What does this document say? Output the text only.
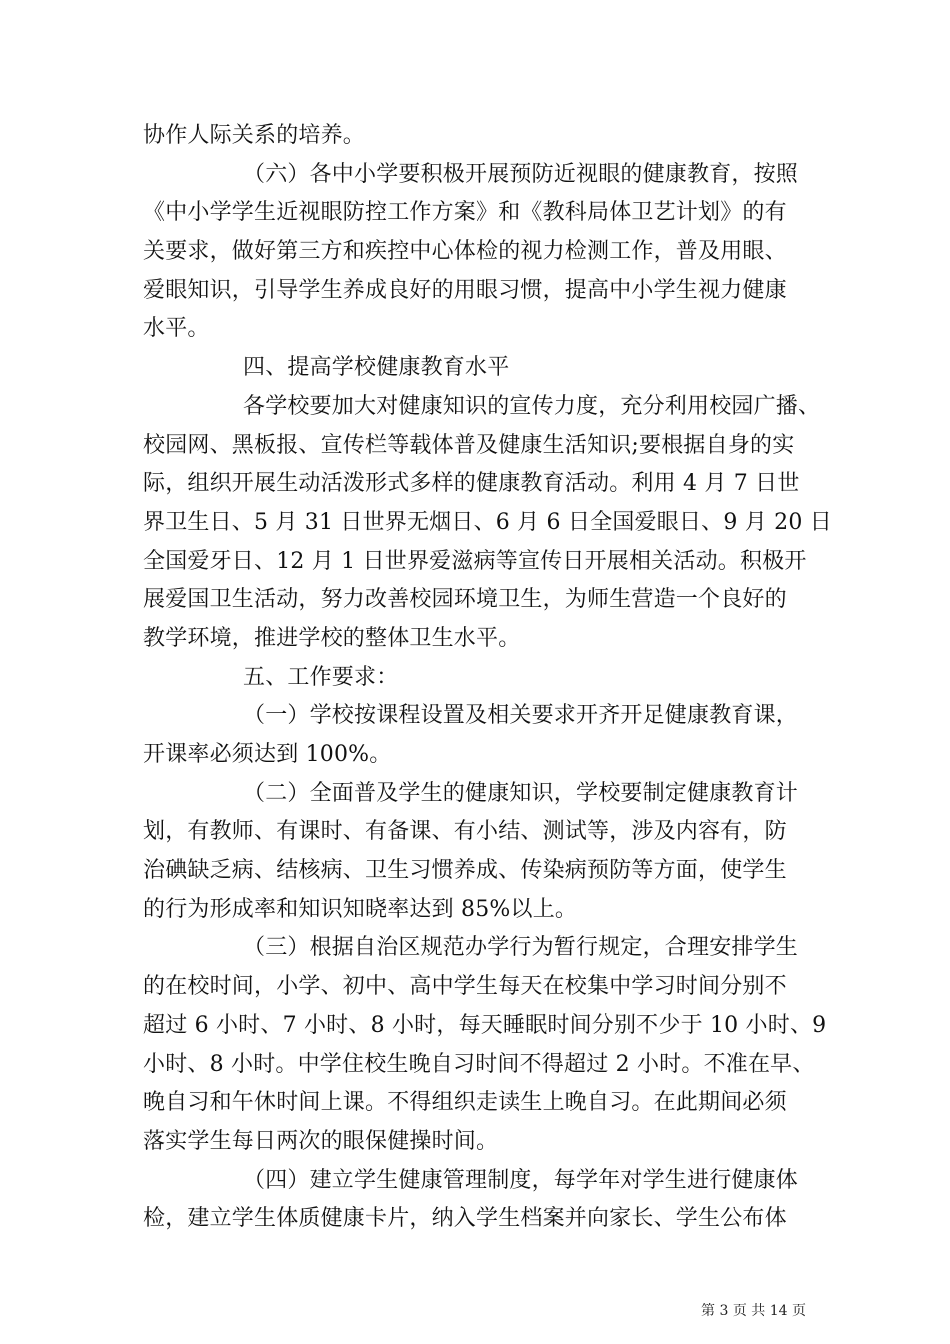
协作人际关系的培养。
（六）各中小学要积极开展预防近视眼的健康教育，按照
《中小学学生近视眼防控工作方案》和《教科局体卫艺计划》的有
关要求，做好第三方和疾控中心体检的视力检测工作，普及用眼、
爱眼知识，引导学生养成良好的用眼习惯，提高中小学生视力健康
水平。
四、提高学校健康教育水平
各学校要加大对健康知识的宣传力度，充分利用校园广播、
校园网、黑板报、宣传栏等载体普及健康生活知识;要根据自身的实
际，组织开展生动活泼形式多样的健康教育活动。利用 4 月 7 日世
界卫生日、5 月 31 日世界无烟日、6 月 6 日全国爱眼日、9 月 20 日
全国爱牙日、12 月 1 日世界爱滋病等宣传日开展相关活动。积极开
展爱国卫生活动，努力改善校园环境卫生，为师生营造一个良好的
教学环境，推进学校的整体卫生水平。
五、工作要求：
（一）学校按课程设置及相关要求开齐开足健康教育课，
开课率必须达到 100%。
（二）全面普及学生的健康知识，学校要制定健康教育计
划，有教师、有课时、有备课、有小结、测试等，涉及内容有，防
治碘缺乏病、结核病、卫生习惯养成、传染病预防等方面，使学生
的行为形成率和知识知晓率达到 85%以上。
（三）根据自治区规范办学行为暂行规定，合理安排学生
的在校时间，小学、初中、高中学生每天在校集中学习时间分别不
超过 6 小时、7 小时、8 小时，每天睡眠时间分别不少于 10 小时、9
小时、8 小时。中学住校生晚自习时间不得超过 2 小时。不准在早、
晚自习和午休时间上课。不得组织走读生上晚自习。在此期间必须
落实学生每日两次的眼保健操时间。
（四）建立学生健康管理制度，每学年对学生进行健康体
检，建立学生体质健康卡片，纳入学生档案并向家长、学生公布体
第 3 页 共 14 页
